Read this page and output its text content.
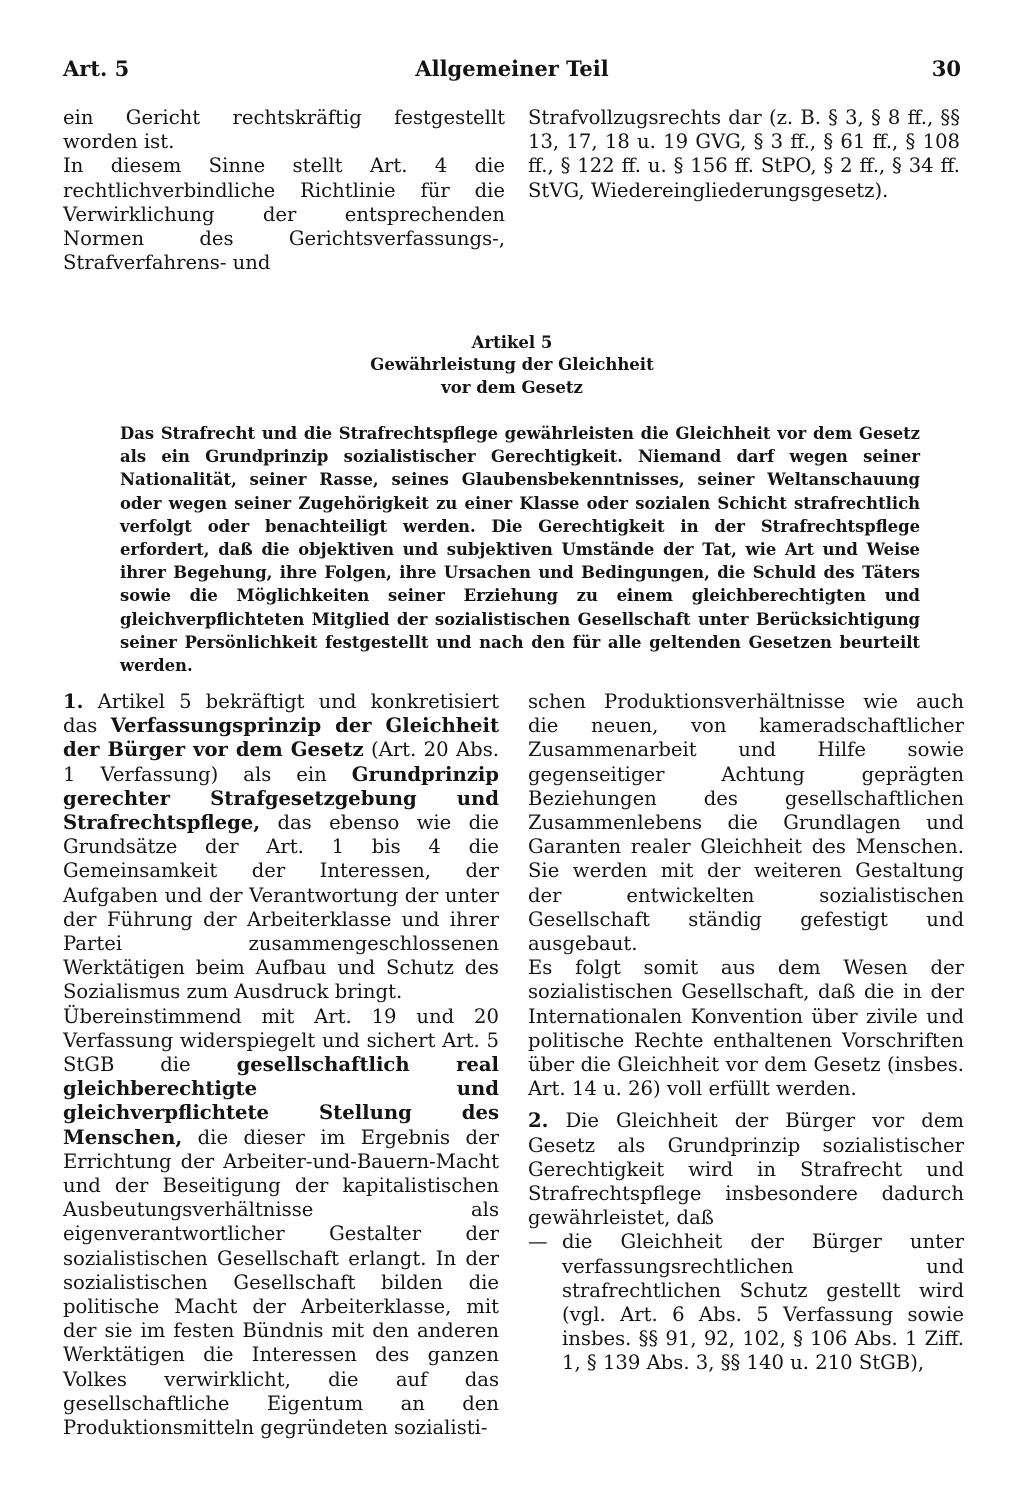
Art. 5	Allgemeiner Teil	30

ein Gericht rechtskräftig festgestellt worden ist.

In diesem Sinne stellt Art. 4 die rechtlichverbindliche Richtlinie für die Verwirklichung der entsprechenden Normen des Gerichtsverfassungs-, Strafverfahrens- und

Strafvollzugsrechts dar (z. B. § 3, § 8 ff., §§ 13, 17, 18 u. 19 GVG, § 3 ff., § 61 ff., § 108 ff., § 122 ff. u. § 156 ff. StPO, § 2 ff., § 34 ff. StVG, Wiedereingliederungsgesetz).

Artikel 5
Gewährleistung der Gleichheit
vor dem Gesetz
Das Strafrecht und die Strafrechtspflege gewährleisten die Gleichheit vor dem Gesetz als ein Grundprinzip sozialistischer Gerechtigkeit. Niemand darf wegen seiner Nationalität, seiner Rasse, seines Glaubensbekenntnisses, seiner Weltanschauung oder wegen seiner Zugehörigkeit zu einer Klasse oder sozialen Schicht strafrechtlich verfolgt oder benachteiligt werden. Die Gerechtigkeit in der Strafrechtspflege erfordert, daß die objektiven und subjektiven Umstände der Tat, wie Art und Weise ihrer Begehung, ihre Folgen, ihre Ursachen und Bedingungen, die Schuld des Täters sowie die Möglichkeiten seiner Erziehung zu einem gleichberechtigten und gleichverpflichteten Mitglied der sozialistischen Gesellschaft unter Berücksichtigung seiner Persönlichkeit festgestellt und nach den für alle geltenden Gesetzen beurteilt werden.

1. Artikel 5 bekräftigt und konkretisiert das Verfassungsprinzip der Gleichheit der Bürger vor dem Gesetz (Art. 20 Abs. 1 Verfassung) als ein Grundprinzip gerechter Strafgesetzgebung und Strafrechtspflege, das ebenso wie die Grundsätze der Art. 1 bis 4 die Gemeinsamkeit der Interessen, der Aufgaben und der Verantwortung der unter der Führung der Arbeiterklasse und ihrer Partei zusammengeschlossenen Werktätigen beim Aufbau und Schutz des Sozialismus zum Ausdruck bringt.

Übereinstimmend mit Art. 19 und 20 Verfassung widerspiegelt und sichert Art. 5 StGB die gesellschaftlich real gleichberechtigte und gleichverpflichtete Stellung des Menschen, die dieser im Ergebnis der Errichtung der Arbeiter-und-Bauern-Macht und der Beseitigung der kapitalistischen Ausbeutungsverhältnisse als eigenverantwortlicher Gestalter der sozialistischen Gesellschaft erlangt. In der sozialistischen Gesellschaft bilden die politische Macht der Arbeiterklasse, mit der sie im festen Bündnis mit den anderen Werktätigen die Interessen des ganzen Volkes verwirklicht, die auf das gesellschaftliche Eigentum an den Produktionsmitteln gegründeten sozialisti-

schen Produktionsverhältnisse wie auch die neuen, von kameradschaftlicher Zusammenarbeit und Hilfe sowie gegenseitiger Achtung geprägten Beziehungen des gesellschaftlichen Zusammenlebens die Grundlagen und Garanten realer Gleichheit des Menschen. Sie werden mit der weiteren Gestaltung der entwickelten sozialistischen Gesellschaft ständig gefestigt und ausgebaut.

Es folgt somit aus dem Wesen der sozialistischen Gesellschaft, daß die in der Internationalen Konvention über zivile und politische Rechte enthaltenen Vorschriften über die Gleichheit vor dem Gesetz (insbes. Art. 14 u. 26) voll erfüllt werden.

2. Die Gleichheit der Bürger vor dem Gesetz als Grundprinzip sozialistischer Gerechtigkeit wird in Strafrecht und Strafrechtspflege insbesondere dadurch gewährleistet, daß

— die Gleichheit der Bürger unter verfassungsrechtlichen und strafrechtlichen Schutz gestellt wird (vgl. Art. 6 Abs. 5 Verfassung sowie insbes. §§ 91, 92, 102, § 106 Abs. 1 Ziff. 1, § 139 Abs. 3, §§ 140 u. 210 StGB),
